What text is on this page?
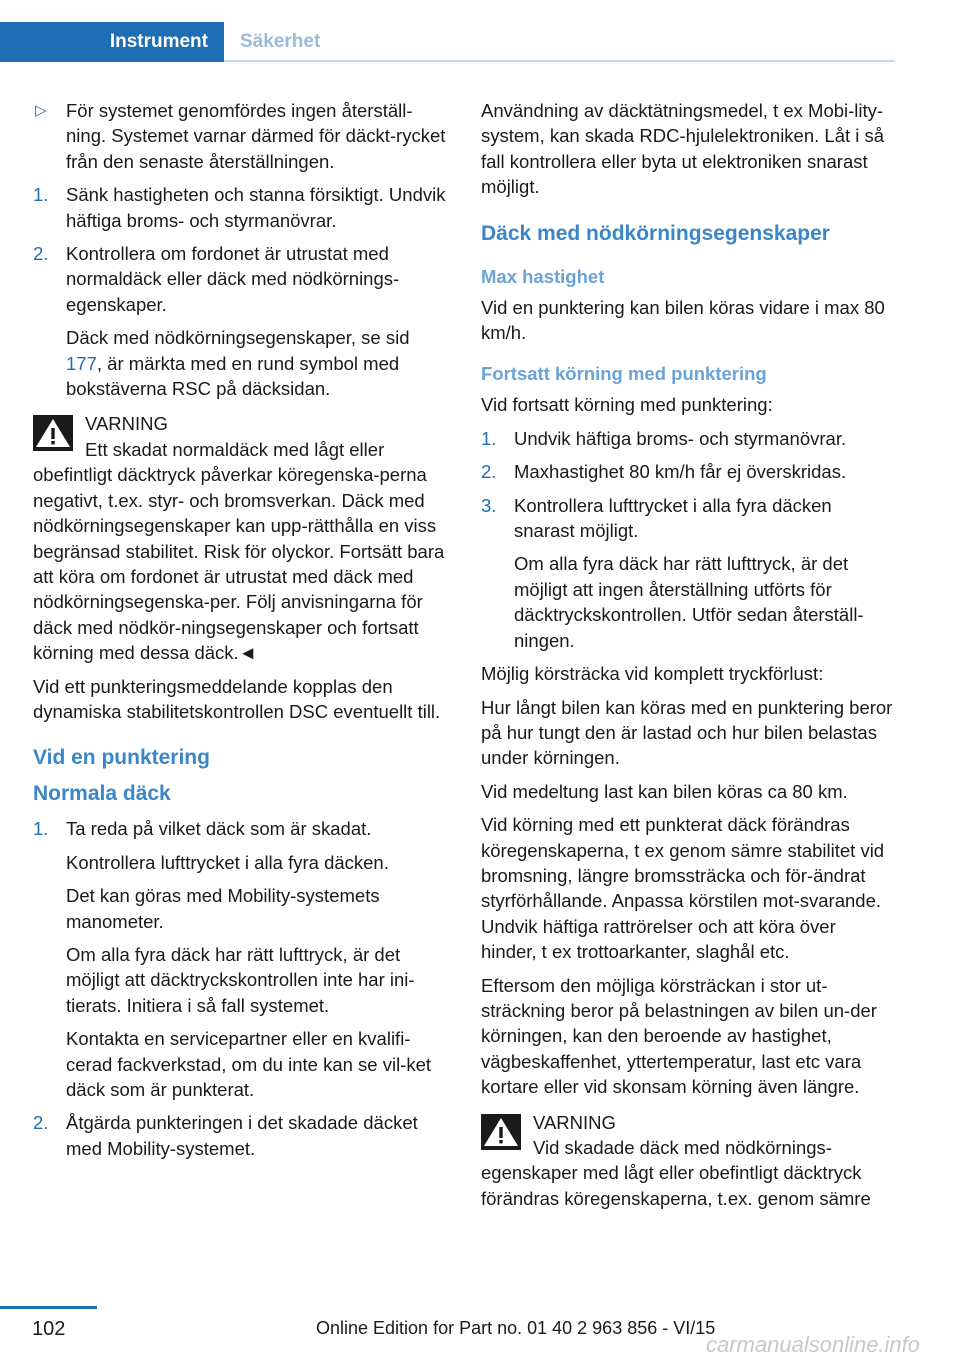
Instrument	Säkerhet
▷ För systemet genomfördes ingen återställ-ning. Systemet varnar därmed för däckt-rycket från den senaste återställningen.
1. Sänk hastigheten och stanna försiktigt. Undvik häftiga broms- och styrmanövrar.
2. Kontrollera om fordonet är utrustat med normaldäck eller däck med nödkörnings-egenskaper.
Däck med nödkörningsegenskaper, se sid 177, är märkta med en rund symbol med bokstäverna RSC på däcksidan.
VARNING
Ett skadat normaldäck med lågt eller
obefintligt däcktryck påverkar köregenska-perna negativt, t.ex. styr- och bromsverkan. Däck med nödkörningsegenskaper kan upp-rätthålla en viss begränsad stabilitet. Risk för olyckor. Fortsätt bara att köra om fordonet är utrustat med däck med nödkörningsegenska-per. Följ anvisningarna för däck med nödkör-ningsegenskaper och fortsatt körning med dessa däck.◄

Vid ett punkteringsmeddelande kopplas den dynamiska stabilitetskontrollen DSC eventuellt till.

Vid en punktering
Normala däck
1. Ta reda på vilket däck som är skadat.
Kontrollera lufttrycket i alla fyra däcken.
Det kan göras med Mobility-systemets manometer.
Om alla fyra däck har rätt lufttryck, är det möjligt att däcktryckskontrollen inte har ini-tierats. Initiera i så fall systemet.
Kontakta en servicepartner eller en kvalifi-cerad fackverkstad, om du inte kan se vil-ket däck som är punkterat.
2. Åtgärda punkteringen i det skadade däcket med Mobility-systemet.

Användning av däcktätningsmedel, t ex Mobi-lity-system, kan skada RDC-hjulelektroniken. Låt i så fall kontrollera eller byta ut elektroniken snarast möjligt.

Däck med nödkörningsegenskaper
Max hastighet

Vid en punktering kan bilen köras vidare i max 80 km/h.

Fortsatt körning med punktering

Vid fortsatt körning med punktering:

1. Undvik häftiga broms- och styrmanövrar.
2. Maxhastighet 80 km/h får ej överskridas.
3. Kontrollera lufttrycket i alla fyra däcken snarast möjligt.
Om alla fyra däck har rätt lufttryck, är det möjligt att ingen återställning utförts för däcktryckskontrollen. Utför sedan återställ-ningen.

Möjlig körsträcka vid komplett tryckförlust:

Hur långt bilen kan köras med en punktering beror på hur tungt den är lastad och hur bilen belastas under körningen.

Vid medeltung last kan bilen köras ca 80 km.

Vid körning med ett punkterat däck förändras köregenskaperna, t ex genom sämre stabilitet vid bromsning, längre bromssträcka och för-ändrat styrförhållande. Anpassa körstilen mot-svarande. Undvik häftiga rattrörelser och att köra över hinder, t ex trottoarkanter, slaghål etc.

Eftersom den möjliga körsträckan i stor ut-sträckning beror på belastningen av bilen un-der körningen, kan den beroende av hastighet, vägbeskaffenhet, yttertemperatur, last etc vara kortare eller vid skonsam körning även längre.

VARNING
Vid skadade däck med nödkörnings-
egenskaper med lågt eller obefintligt däcktryck förändras köregenskaperna, t.ex. genom sämre
102	Online Edition for Part no. 01 40 2 963 856 - VI/15
carmanualsonline.info
